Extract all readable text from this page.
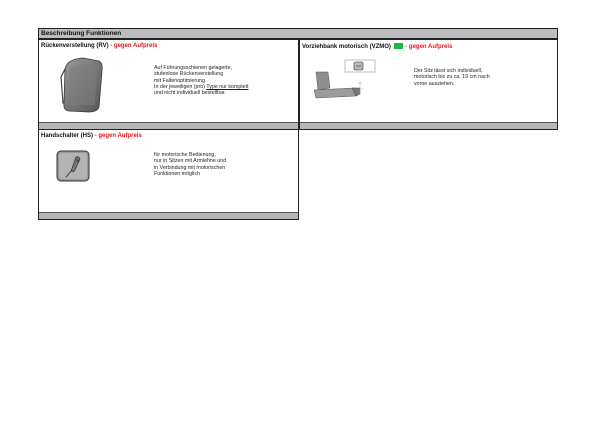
Beschreibung Funktionen
Rückenverstellung (RV) - gegen Aufpreis
Auf Führungsschienen gelagerte,
stufenlose Rückenverstellung
mit Faltenoptimierung.
In der jeweiligen (pro) Type nur komplett
und nicht individuell bestellbar.
Vorziehbank motorisch (VZMO)  - gegen Aufpreis
↔
Der Sitz lässt sich individuell,
motorisch bis zu ca. 19 cm nach
vorne ausziehen.
Handschalter (HS) - gegen Aufpreis
für motorische Bedienung,
nur in Sitzen mit Armlehne und
in Verbindung mit motorischen
Funktionen möglich
